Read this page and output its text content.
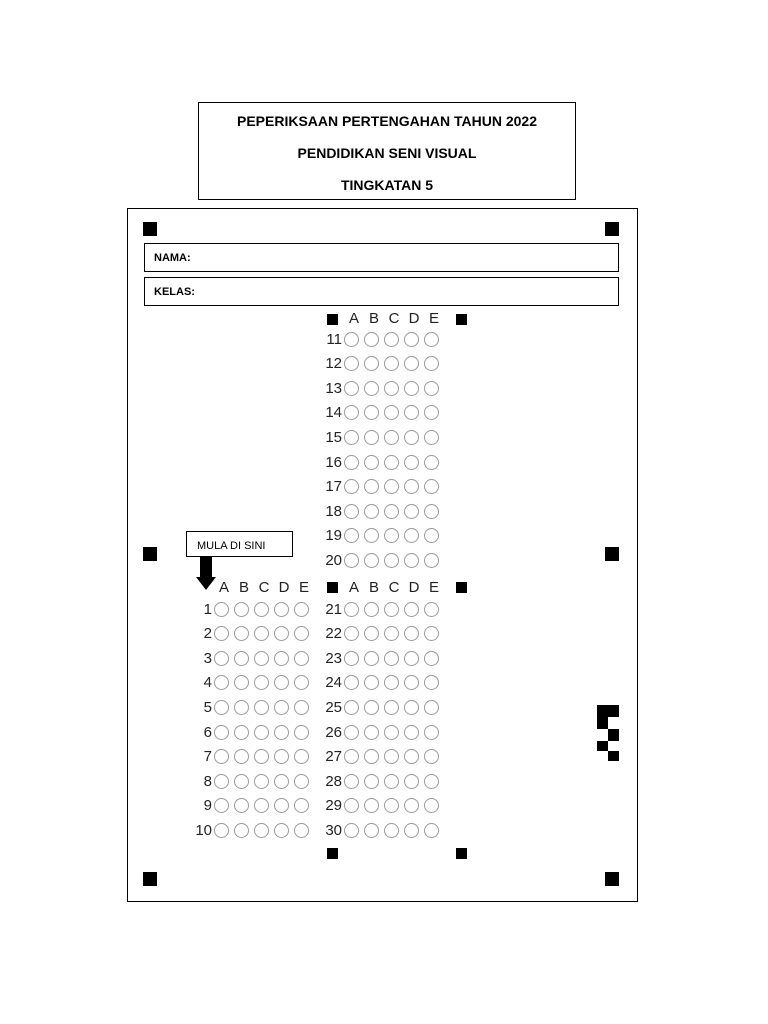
PEPERIKSAAN PERTENGAHAN TAHUN 2022
PENDIDIKAN SENI VISUAL
TINGKATAN 5
NAMA:
KELAS:
MULA DI SINI
A B C D E
11
12
13
14
15
16
17
18
19
20
A B C D E	A B C D E
1
2
3
4
5
6
7
8
9
10
21
22
23
24
25
26
27
28
29
30
